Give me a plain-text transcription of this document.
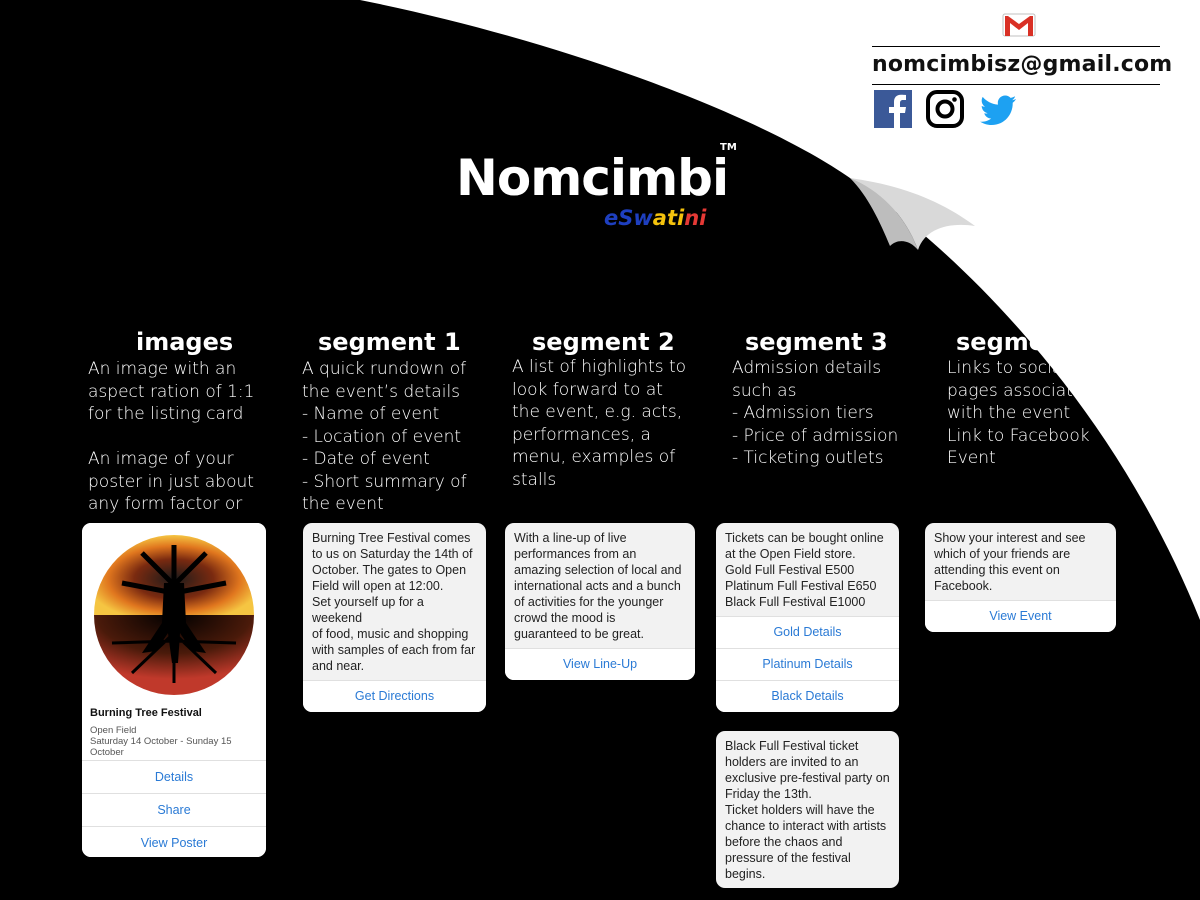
nomcimbisz@gmail.com
Nomcimbi
TM
eSwatini
images
An image with an
aspect ration of 1:1
for the listing card

An image of your
poster in just about
any form factor or
segment 1
A quick rundown of
the event’s details
- Name of event
- Location of event
- Date of event
- Short summary of
the event
segment 2
A list of highlights to
look forward to at
the event, e.g. acts,
performances, a
menu, examples of
stalls
segment 3
Admission details
such as
- Admission tiers
- Price of admission
- Ticketing outlets
segment 4
Links to social media
pages associated
with the event
Link to Facebook
Event
Burning Tree Festival
Open Field
Saturday 14 October - Sunday 15
October
Details
Share
View Poster
Burning Tree Festival comes
to us on Saturday the 14th of
October. The gates to Open
Field will open at 12:00.
Set yourself up for a weekend
of food, music and shopping
with samples of each from far
and near.
Get Directions
With a line-up of live
performances from an
amazing selection of local and
international acts and a bunch
of activities for the younger
crowd the mood is
guaranteed to be great.
View Line-Up
Tickets can be bought online
at the Open Field store.
Gold Full Festival E500
Platinum Full Festival E650
Black Full Festival E1000
Gold Details
Platinum Details
Black Details
Black Full Festival ticket
holders are invited to an
exclusive pre-festival party on
Friday the 13th.
Ticket holders will have the
chance to interact with artists
before the chaos and
pressure of the festival
begins.
Show your interest and see
which of your friends are
attending this event on
Facebook.
View Event
